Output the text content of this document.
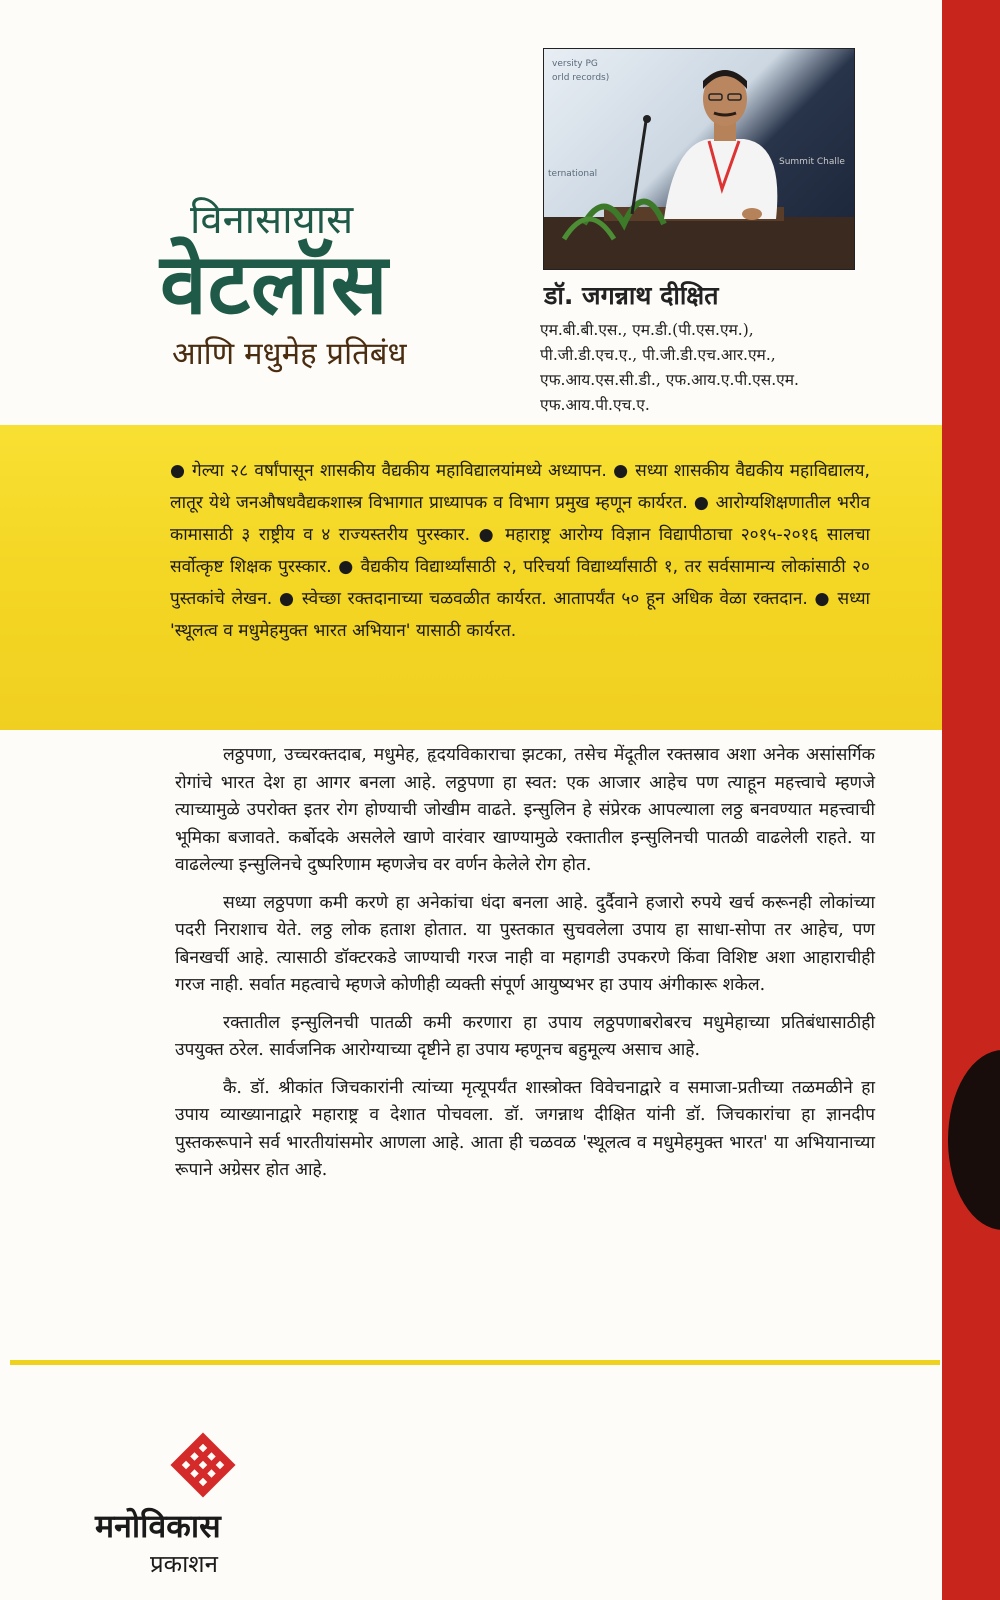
विनासायास
वेटलॉस
आणि मधुमेह प्रतिबंध
versity PG
orld records)
ternational
Summit Challe
डॉ. जगन्नाथ दीक्षित
एम.बी.बी.एस., एम.डी.(पी.एस.एम.),
पी.जी.डी.एच.ए., पी.जी.डी.एच.आर.एम.,
एफ.आय.एस.सी.डी., एफ.आय.ए.पी.एस.एम.
एफ.आय.पी.एच.ए.
● गेल्या २८ वर्षांपासून शासकीय वैद्यकीय महाविद्यालयांमध्ये अध्यापन. ● सध्या शासकीय वैद्यकीय महाविद्यालय, लातूर येथे जनऔषधवैद्यकशास्त्र विभागात प्राध्यापक व विभाग प्रमुख म्हणून कार्यरत. ● आरोग्यशिक्षणातील भरीव कामासाठी ३ राष्ट्रीय व ४ राज्यस्तरीय पुरस्कार. ● महाराष्ट्र आरोग्य विज्ञान विद्यापीठाचा २०१५-२०१६ सालचा सर्वोत्कृष्ट शिक्षक पुरस्कार. ● वैद्यकीय विद्यार्थ्यांसाठी २, परिचर्या विद्यार्थ्यांसाठी १, तर सर्वसामान्य लोकांसाठी २० पुस्तकांचे लेखन. ● स्वेच्छा रक्तदानाच्या चळवळीत कार्यरत. आतापर्यंत ५० हून अधिक वेळा रक्तदान. ● सध्या 'स्थूलत्व व मधुमेहमुक्त भारत अभियान' यासाठी कार्यरत.

लठ्ठपणा, उच्चरक्तदाब, मधुमेह, हृदयविकाराचा झटका, तसेच मेंदूतील रक्तस्राव अशा अनेक असांसर्गिक रोगांचे भारत देश हा आगर बनला आहे. लठ्ठपणा हा स्वत: एक आजार आहेच पण त्याहून महत्त्वाचे म्हणजे त्याच्यामुळे उपरोक्त इतर रोग होण्याची जोखीम वाढते. इन्सुलिन हे संप्रेरक आपल्याला लठ्ठ बनवण्यात महत्त्वाची भूमिका बजावते. कर्बोदके असलेले खाणे वारंवार खाण्यामुळे रक्तातील इन्सुलिनची पातळी वाढलेली राहते. या वाढलेल्या इन्सुलिनचे दुष्परिणाम म्हणजेच वर वर्णन केलेले रोग होत.

सध्या लठ्ठपणा कमी करणे हा अनेकांचा धंदा बनला आहे. दुर्दैवाने हजारो रुपये खर्च करूनही लोकांच्या पदरी निराशाच येते. लठ्ठ लोक हताश होतात. या पुस्तकात सुचवलेला उपाय हा साधा-सोपा तर आहेच, पण बिनखर्ची आहे. त्यासाठी डॉक्टरकडे जाण्याची गरज नाही वा महागडी उपकरणे किंवा विशिष्ट अशा आहाराचीही गरज नाही. सर्वात महत्वाचे म्हणजे कोणीही व्यक्ती संपूर्ण आयुष्यभर हा उपाय अंगीकारू शकेल.

रक्तातील इन्सुलिनची पातळी कमी करणारा हा उपाय लठ्ठपणाबरोबरच मधुमेहाच्या प्रतिबंधासाठीही उपयुक्त ठरेल. सार्वजनिक आरोग्याच्या दृष्टीने हा उपाय म्हणूनच बहुमूल्य असाच आहे.

कै. डॉ. श्रीकांत जिचकारांनी त्यांच्या मृत्यूपर्यंत शास्त्रोक्त विवेचनाद्वारे व समाजा-प्रतीच्या तळमळीने हा उपाय व्याख्यानाद्वारे महाराष्ट्र व देशात पोचवला. डॉ. जगन्नाथ दीक्षित यांनी डॉ. जिचकारांचा हा ज्ञानदीप पुस्तकरूपाने सर्व भारतीयांसमोर आणला आहे. आता ही चळवळ 'स्थूलत्व व मधुमेहमुक्त भारत' या अभियानाच्या रूपाने अग्रेसर होत आहे.

मनोविकास
प्रकाशन
